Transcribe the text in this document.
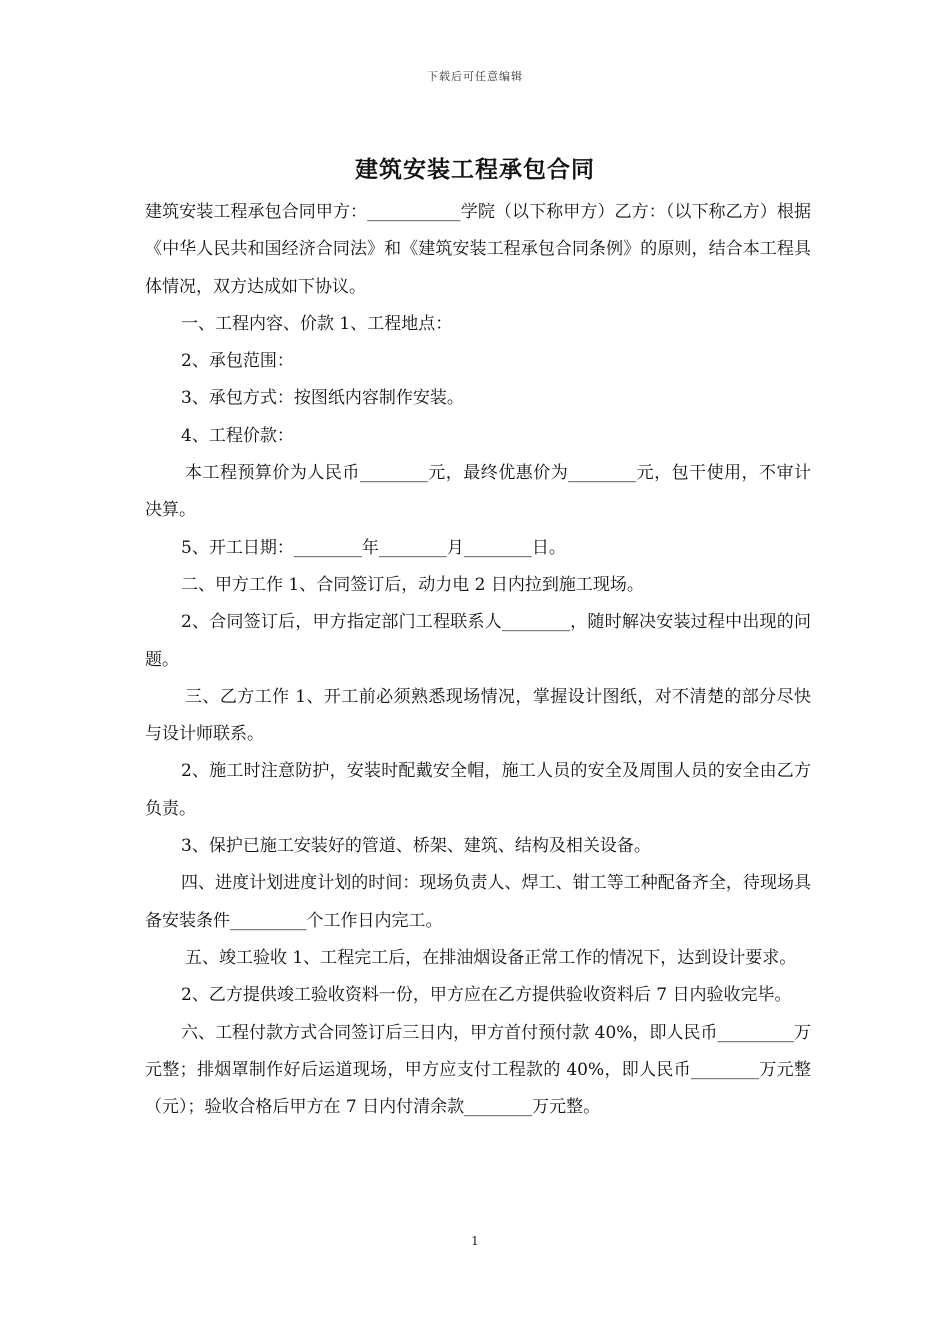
下载后可任意编辑
建筑安装工程承包合同

建筑安装工程承包合同甲方：___________学院（以下称甲方）乙方：（以下称乙方）根据《中华人民共和国经济合同法》和《建筑安装工程承包合同条例》的原则，结合本工程具体情况，双方达成如下协议。

一、工程内容、价款 1、工程地点：

2、承包范围：

3、承包方式：按图纸内容制作安装。

4、工程价款：

本工程预算价为人民币________元，最终优惠价为________元，包干使用，不审计决算。

5、开工日期：________年________月________日。

二、甲方工作 1、合同签订后，动力电 2 日内拉到施工现场。

2、合同签订后，甲方指定部门工程联系人________，随时解决安装过程中出现的问题。

三、乙方工作 1、开工前必须熟悉现场情况，掌握设计图纸，对不清楚的部分尽快与设计师联系。

2、施工时注意防护，安装时配戴安全帽，施工人员的安全及周围人员的安全由乙方负责。

3、保护已施工安装好的管道、桥架、建筑、结构及相关设备。

四、进度计划进度计划的时间：现场负责人、焊工、钳工等工种配备齐全，待现场具备安装条件_________个工作日内完工。

五、竣工验收 1、工程完工后，在排油烟设备正常工作的情况下，达到设计要求。

2、乙方提供竣工验收资料一份，甲方应在乙方提供验收资料后 7 日内验收完毕。

六、工程付款方式合同签订后三日内，甲方首付预付款 40%，即人民币_________万元整；排烟罩制作好后运道现场，甲方应支付工程款的 40%，即人民币________万元整（元）；验收合格后甲方在 7 日内付清余款________万元整。

1
